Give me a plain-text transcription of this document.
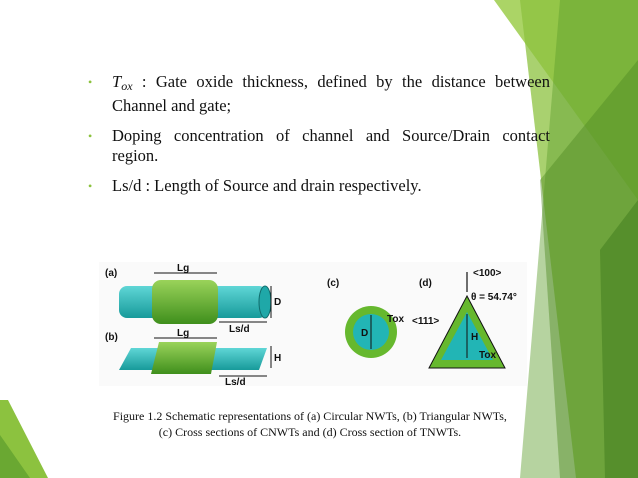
• Tox : Gate oxide thickness, defined by the distance between Channel and gate;
• Doping concentration of channel and Source/Drain contact region.
• Ls/d : Length of Source and drain respectively.
(a)	Lg
D
Ls/d
(b)	Lg
H
Ls/d
(c)
D
Tox
(d)
<100>
θ = 54.74°
H
<111>
Tox
Figure 1.2 Schematic representations of (a) Circular NWTs, (b) Triangular NWTs,
(c) Cross sections of CNWTs and (d) Cross section of TNWTs.
